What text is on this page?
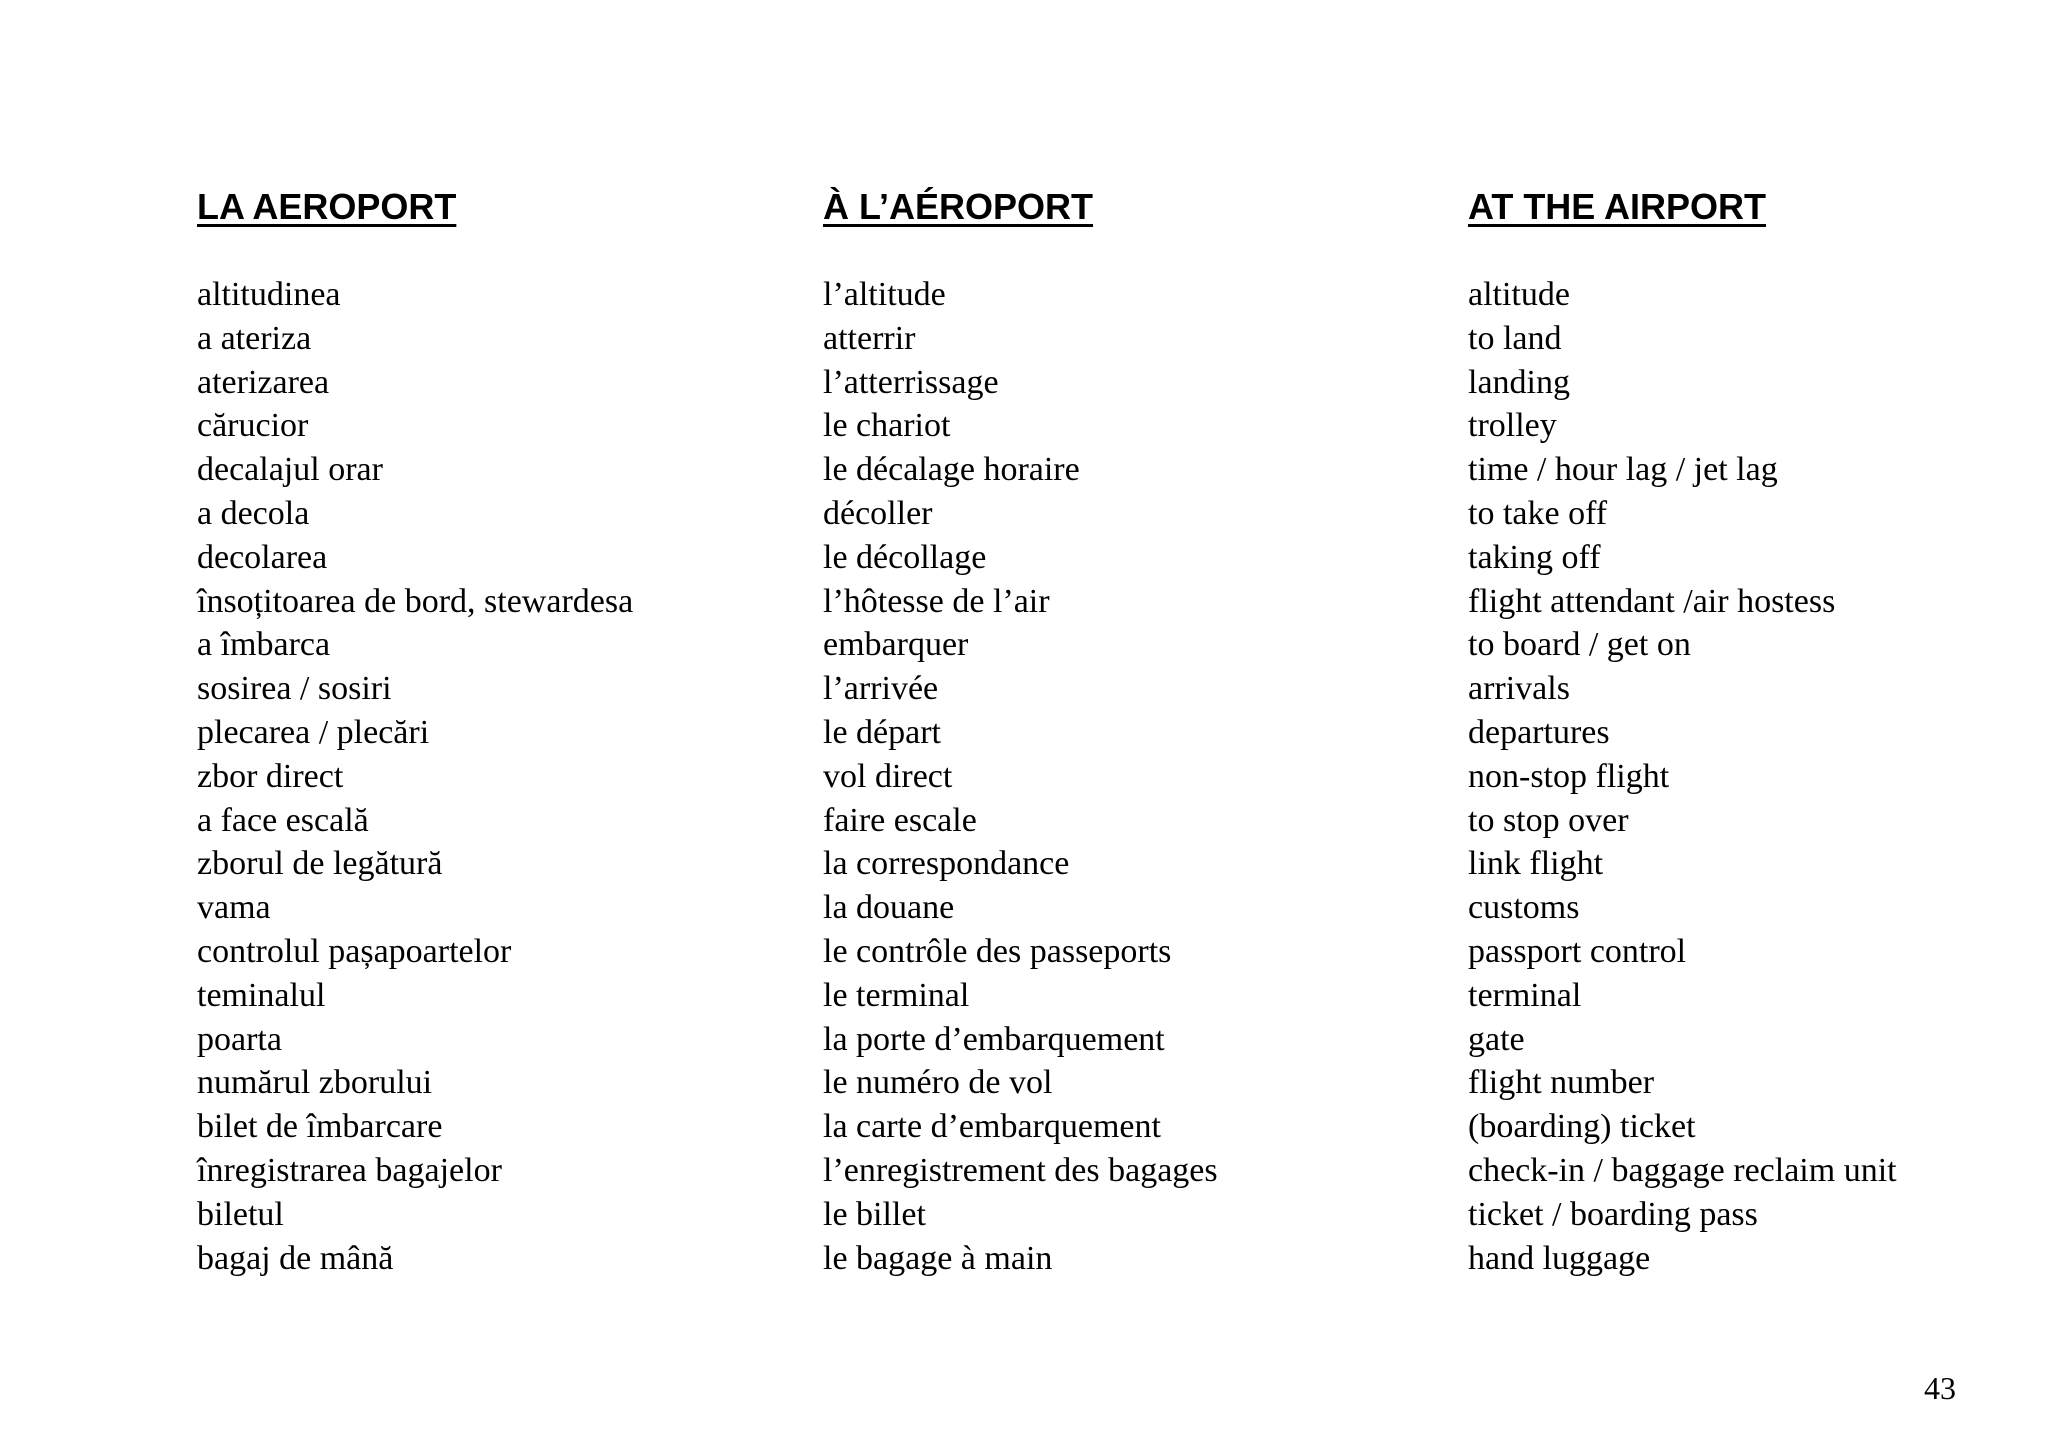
LA AEROPORT
altitudinea
a ateriza
aterizarea
cărucior
decalajul orar
a decola
decolarea
însoțitoarea de bord, stewardesa
a îmbarca
sosirea / sosiri
plecarea / plecări
zbor direct
a face escală
zborul de legătură
vama
controlul pașapoartelor
teminalul
poarta
numărul zborului
bilet de îmbarcare
înregistrarea bagajelor
biletul
bagaj de mână
À L’AÉROPORT
l’altitude
atterrir
l’atterrissage
le chariot
le décalage horaire
décoller
le décollage
l’hôtesse de l’air
embarquer
l’arrivée
le départ
vol direct
faire escale
la correspondance
la douane
le contrôle des passeports
le terminal
la porte d’embarquement
le numéro de vol
la carte d’embarquement
l’enregistrement des bagages
le billet
le bagage à main
AT THE AIRPORT
altitude
to land
landing
trolley
time / hour lag / jet lag
to take off
taking off
flight attendant /air hostess
to board / get on
arrivals
departures
non-stop flight
to stop over
link flight
customs
passport control
terminal
gate
flight number
(boarding) ticket
check-in / baggage reclaim unit
ticket / boarding pass
hand luggage
43
